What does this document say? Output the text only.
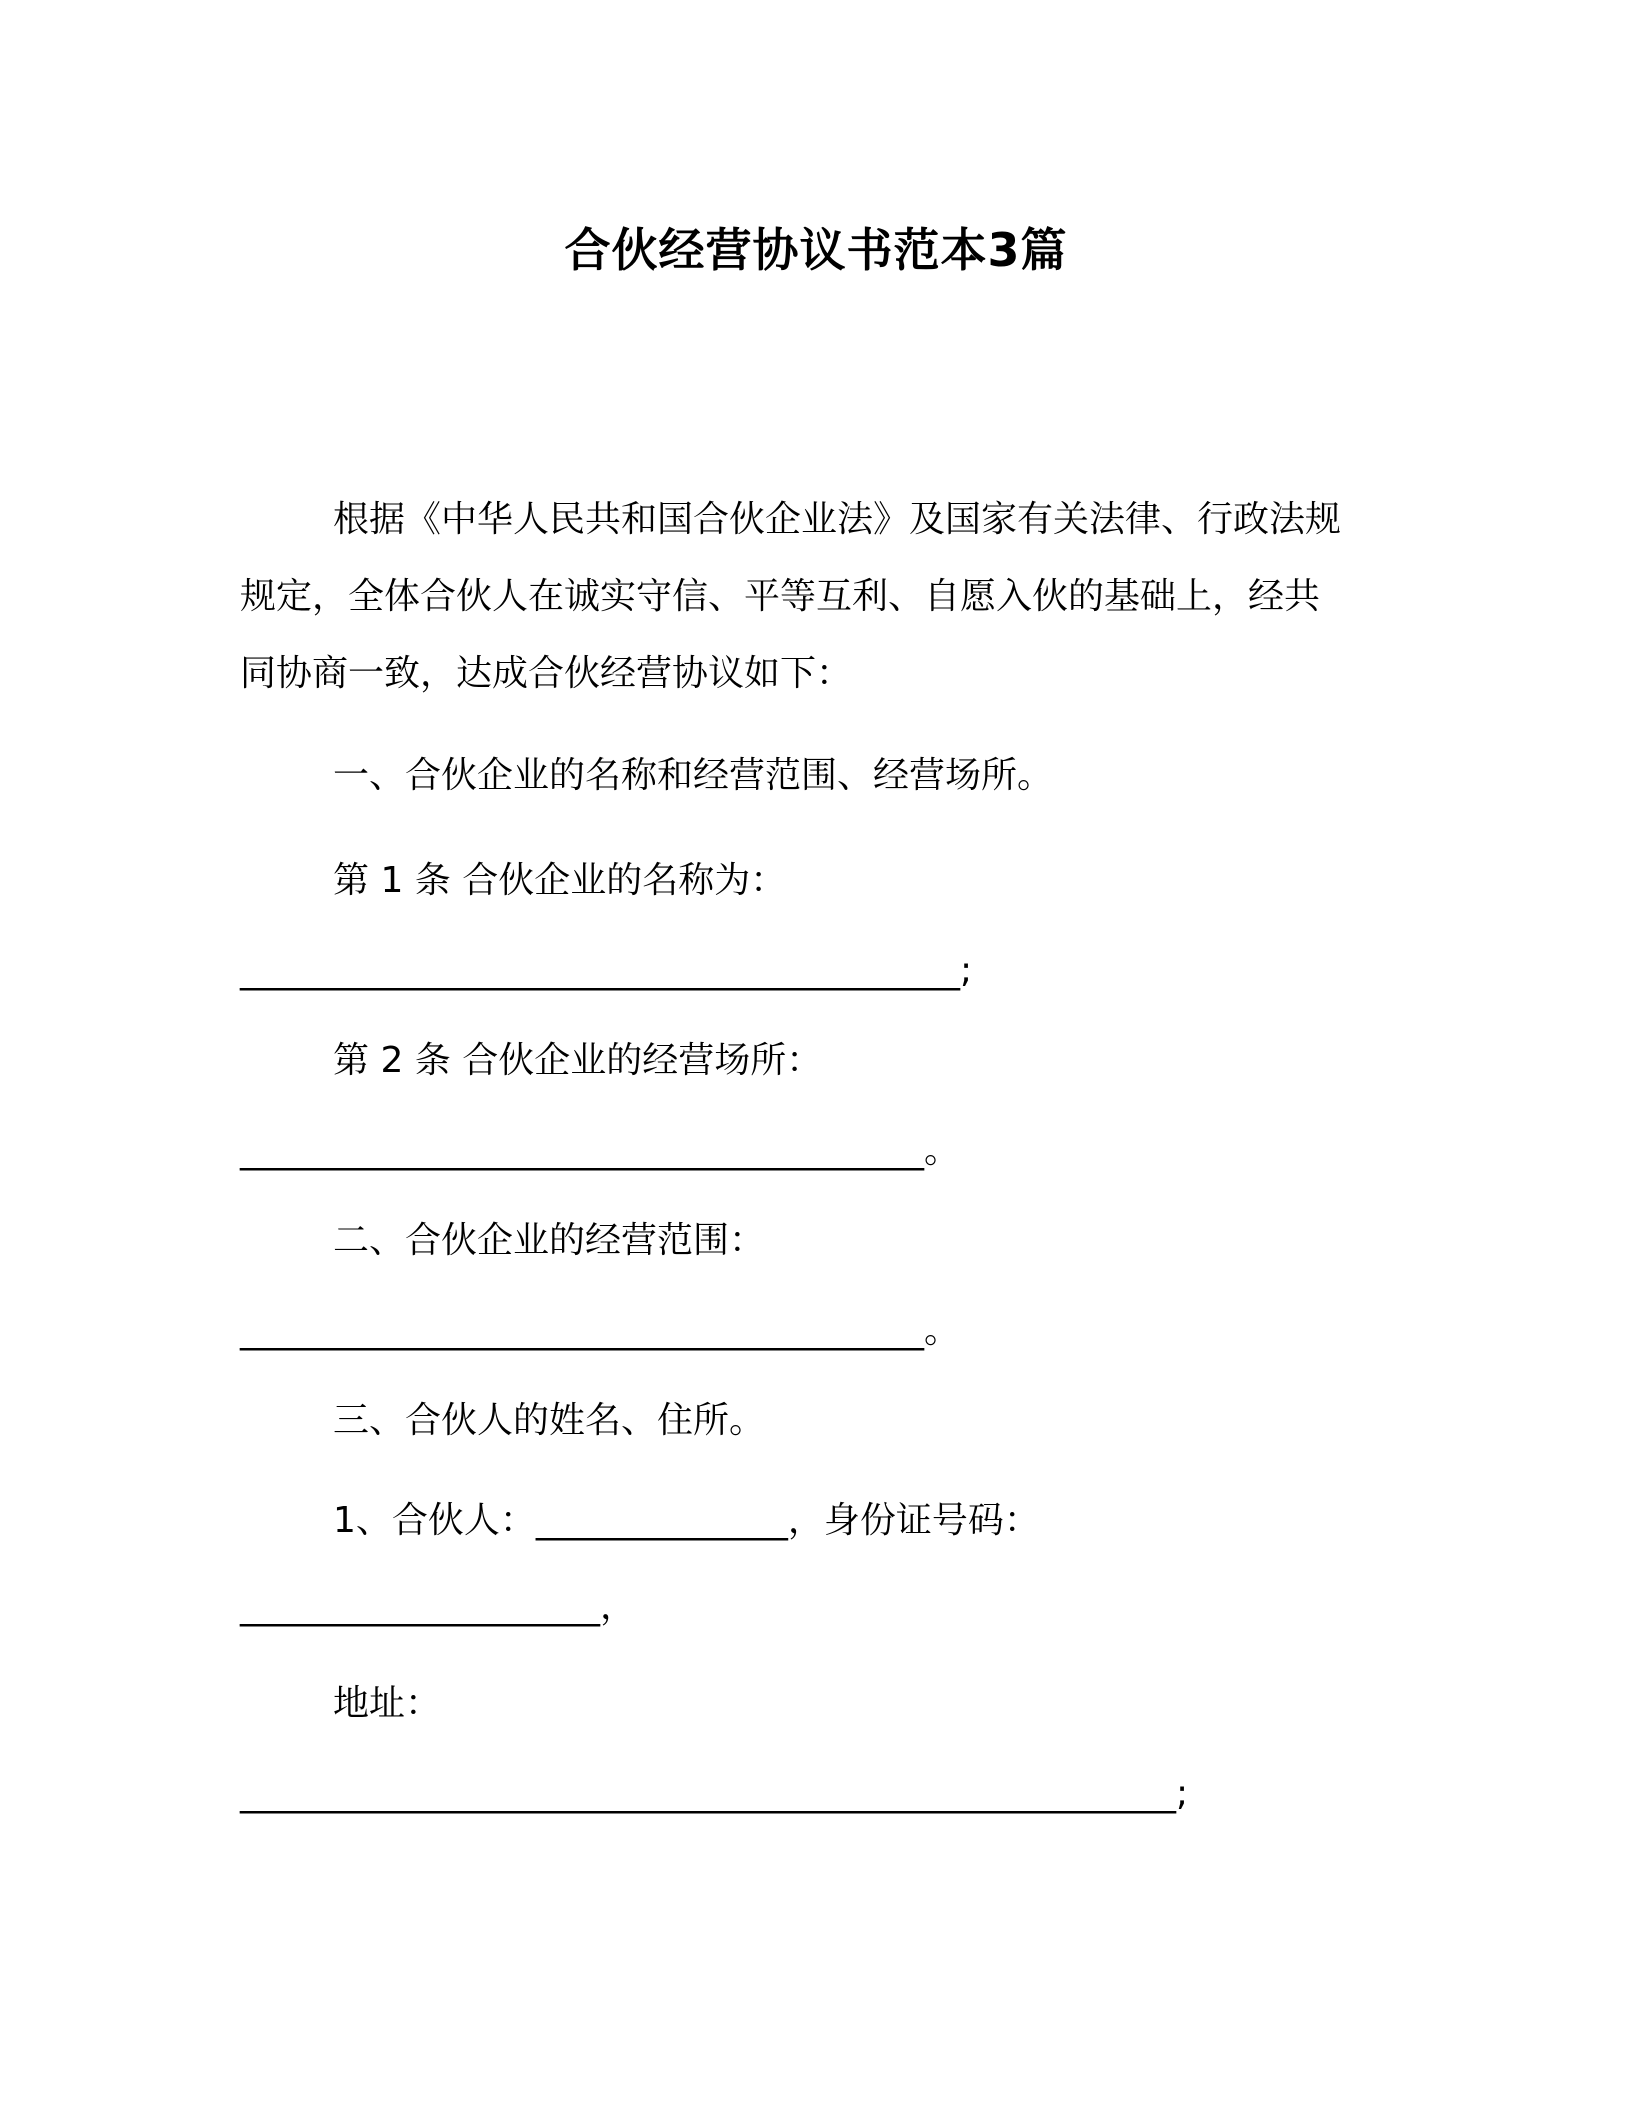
合伙经营协议书范本3篇
根据《中华人民共和国合伙企业法》及国家有关法律、行政法规
规定，全体合伙人在诚实守信、平等互利、自愿入伙的基础上，经共
同协商一致，达成合伙经营协议如下：
一、合伙企业的名称和经营范围、经营场所。
第 1 条 合伙企业的名称为：
________________________________________;
第 2 条 合伙企业的经营场所：
______________________________________。
二、合伙企业的经营范围：
______________________________________。
三、合伙人的姓名、住所。
1、合伙人：______________，身份证号码：
____________________，
地址：
____________________________________________________;
